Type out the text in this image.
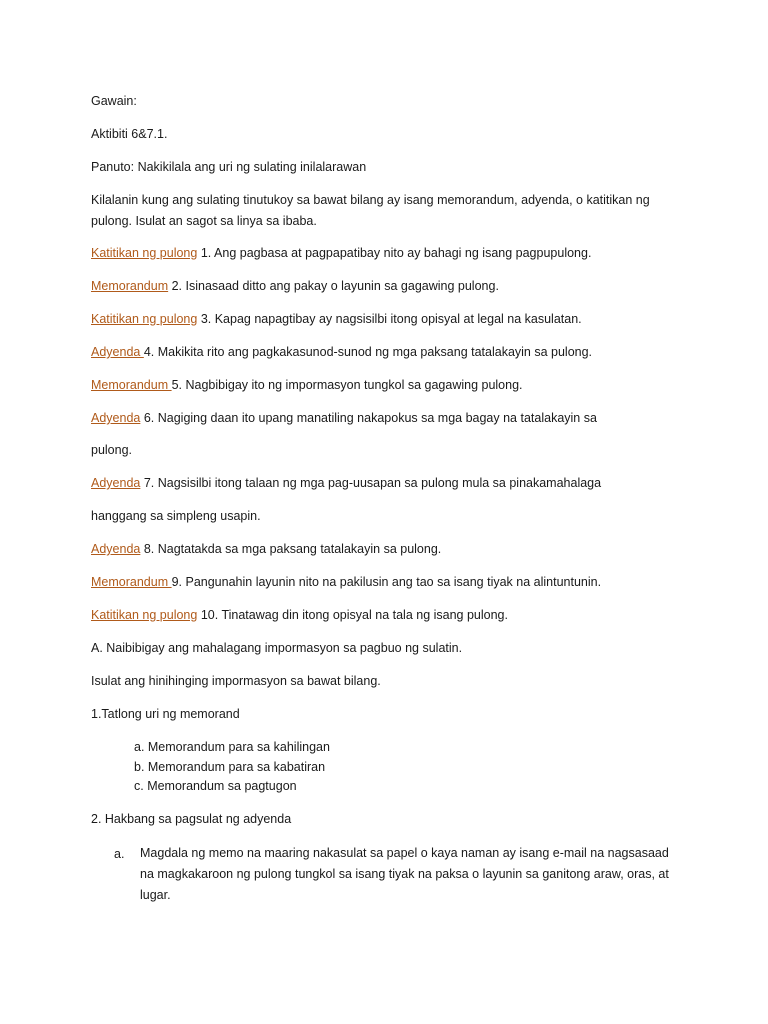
Gawain:
Aktibiti 6&7.1.
Panuto: Nakikilala ang uri ng sulating inilalarawan
Kilalanin kung ang sulating tinutukoy sa bawat bilang ay isang memorandum, adyenda, o katitikan ng
pulong. Isulat an sagot sa linya sa ibaba.
Katitikan ng pulong 1. Ang pagbasa at pagpapatibay nito ay bahagi ng isang pagpupulong.
Memorandum 2. Isinasaad ditto ang pakay o layunin sa gagawing pulong.
Katitikan ng pulong 3. Kapag napagtibay ay nagsisilbi itong opisyal at legal na kasulatan.
Adyenda 4. Makikita rito ang pagkakasunod-sunod ng mga paksang tatalakayin sa pulong.
Memorandum 5. Nagbibigay ito ng impormasyon tungkol sa gagawing pulong.
Adyenda 6. Nagiging daan ito upang manatiling nakapokus sa mga bagay na tatalakayin sa
pulong.
Adyenda 7. Nagsisilbi itong talaan ng mga pag-uusapan sa pulong mula sa pinakamahalaga
hanggang sa simpleng usapin.
Adyenda 8. Nagtatakda sa mga paksang tatalakayin sa pulong.
Memorandum 9. Pangunahin layunin nito na pakilusin ang tao sa isang tiyak na alintuntunin.
Katitikan ng pulong 10. Tinatawag din itong opisyal na tala ng isang pulong.
A. Naibibigay ang mahalagang impormasyon sa pagbuo ng sulatin.
Isulat ang hinihinging impormasyon sa bawat bilang.
1.Tatlong uri ng memorand
a. Memorandum para sa kahilingan
b. Memorandum para sa kabatiran
c. Memorandum sa pagtugon
2. Hakbang sa pagsulat ng adyenda
a. Magdala ng memo na maaring nakasulat sa papel o kaya naman ay isang e-mail na nagsasaad na magkakaroon ng pulong tungkol sa isang tiyak na paksa o layunin sa ganitong araw, oras, at lugar.
